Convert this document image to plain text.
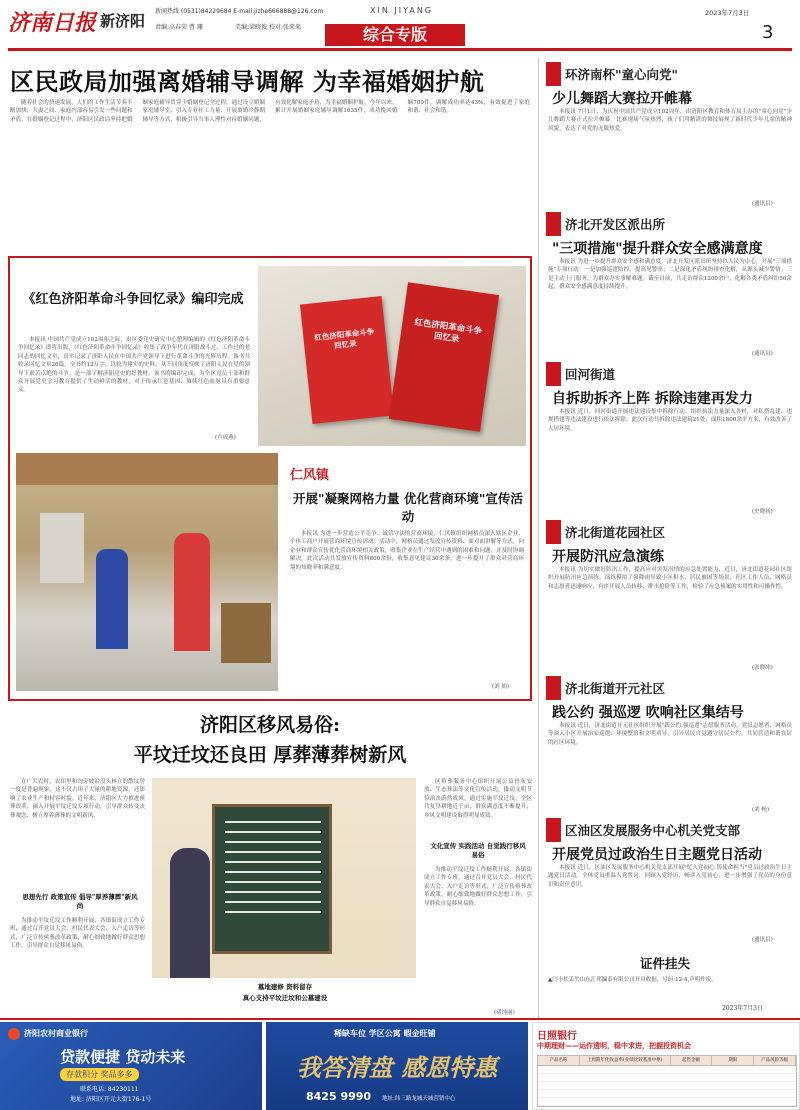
济南日报 新济阳
新闻热线 (0531)84229684 E-mail:jizhe666888@126.com
责编:高春荣 曹 珊	美编:梁晓俊 校对:张来来
XIN JIYANG	2023年7月3日
3
综合专版
区民政局加强离婚辅导调解 为幸福婚姻护航
随着社会的快速发展，人们的工作生活节奏不断加快，夫妻之间、家庭内部容易引发一些问题和矛盾。在婚姻登记过程中，济阳区民政局坚持把婚姻家庭辅导贯穿于婚姻登记全过程，通过设立婚姻家庭辅导室、引入专业社工力量、开展离婚冷静期辅导等方式，积极引导当事人理性对待婚姻问题，有效化解家庭矛盾，为幸福婚姻护航。今年以来，累计开展婚姻家庭辅导调解1635件，成功挽回婚姻709件，调解成功率达43%，有效促进了家庭和谐、社会和谐。
《红色济阳革命斗争回忆录》编印完成
本报讯 中国共产党成立102周年之际，由区委党史研究中心整理编辑的《红色济阳革命斗争回忆录》即将出版。《红色济阳革命斗争回忆录》收集了战争年代在济阳战斗过、工作过的老同志的回忆文章，真实记录了济阳人民在中国共产党领导下进行革命斗争的光辉历程。该书共收录回忆文章26篇，全书约12万字，以较为翔实的史料，从不同角度反映了济阳人民在党的领导下艰苦卓绝的斗争，是一部了解济阳党史的好教材。该书的编印完成，为全区党员干部和群众开展党史学习教育提供了生动鲜活的教材，对于传承红色基因、赓续红色血脉具有重要意义。
(卢成燕)
红色济阳革命斗争回忆录
红色济阳革命斗争回忆录
仁风镇
开展"凝聚网格力量 优化营商环境"宣传活动
本报讯 为进一步营造公平竞争、诚信守法的营商环境，仁风镇组织网格员深入辖区企业、个体工商户开展营商环境宣传活动。活动中，网格员通过发放宣传资料、面对面讲解等方式，向企业和群众宣传优化营商环境相关政策，收集企业在生产经营中遇到的困难和问题，并及时协调解决。此次活动共发放宣传资料800余份，收集意见建议30余条，进一步提升了群众对营商环境的知晓率和满意度。
(刘 娟)
济阳区移风易俗:
平坟迁坟还良田 厚葬薄葬树新风
在广大农村，农田里和沟旁坡沿没头林立的散坟曾一度是普遍现象，这不仅占用了大量的耕地资源，还影响了农业生产和村容村貌。近年来，济阳区大力推进殡葬改革，深入开展平坟迁坟专项行动，引导群众转变丧葬观念，树立厚养薄葬的文明新风。
思想先行 政策宣传 倡导"厚养薄葬"新风尚
为推动平坟迁坟工作顺利开展，各镇街成立工作专班，通过召开党员大会、村民代表大会、入户走访等形式，广泛宣传殡葬改革政策，耐心细致地做好群众思想工作，引导群众自觉移风易俗。
墓地建修 资料留存
真心支持平坟迁坟和公墓建设
区殡葬服务中心组织开展公益骨灰安放、生态葬法等文化宣传活动，推动文明节俭治丧蔚然成风。通过实施平坟迁坟，全区共复垦耕地近千亩，群众满意度不断提升，乡风文明建设取得明显成效。
文化宣传 实践活动 自觉践行移风易俗
为推动平坟迁坟工作顺利开展，各镇街成立工作专班，通过召开党员大会、村民代表大会、入户走访等形式，广泛宣传殡葬改革政策，耐心细致地做好群众思想工作，引导群众自觉移风易俗。
(褚纯丽)
环济南杯"童心向党"
少儿舞蹈大赛拉开帷幕
本报讯 7月1日，为庆祝中国共产党成立102周年，由济阳区教育和体育局主办的"童心向党"少儿舞蹈大赛正式拉开帷幕。比赛现场气氛热烈，孩子们用精湛的舞技展现了新时代少年儿童的精神风貌，表达了对党的无限热爱。
(通讯员)
济北开发区派出所
"三项措施"提升群众安全感满意度
本报讯 为进一步提升群众安全感和满意度，济北开发区派出所坚持以人民为中心，开展"三项措施"专项行动：一是加强巡逻防控，提高见警率；二是深化矛盾纠纷排查化解，从源头减少警情；三是主动上门服务，为群众办实事解难题。截至目前，共走访群众1200余户，化解各类矛盾纠纷50余起，群众安全感满意度持续提升。
(通讯员)
回河街道
自拆助拆齐上阵 拆除违建再发力
本报讯 近日，回河街道开展违法建设集中拆除行动，组织执法力量深入各村，对私搭乱建、违规搭建等违法建设进行依法拆除。此次行动共拆除违法建筑21处，面积1800余平方米，有效改善了人居环境。
(史晓扬)
济北街道花园社区
开展防汛应急演练
本报讯 为切实做好防汛工作，提高应对突发汛情的应急处置能力，近日，济北街道花园社区组织开展防汛应急演练。演练模拟了强降雨导致小区积水、居民被困等场景，社区工作人员、网格员和志愿者迅速响应，有序开展人员转移、排水抢险等工作，检验了应急预案的实用性和可操作性。
(张晓冰)
济北街道开元社区
践公约 强巡逻 吹响社区集结号
本报讯 近日，济北街道开元社区组织开展"践公约 强巡逻"志愿服务活动，党员志愿者、网格员等深入小区开展治安巡逻、环境整治和文明劝导，引导居民自觉遵守居民公约，共同营造和谐宜居的社区环境。
(刘 畅)
区油区发展服务中心机关党支部
开展党员过政治生日主题党日活动
本报讯 近日，区油区发展服务中心机关党支部开展"忆入党初心 铸使命担当"党员过政治生日主题党日活动。全体党员重温入党誓词，回顾入党经历，畅谈入党初心，进一步增强了党员的身份意识和责任意识。
(通讯员)
证件挂失
▲闫小松丢失山东汇邦瀛泰有限公司开具收据，号码:12-4,声明作废。
2023年7月3日
济阳农村商业银行
贷款便捷 贷动未来
存款积分 奖品多多
联系电话: 84230111
地址: 济阳区开元大街176-1号
稀缺车位 学区公寓 暇金旺铺
我答清盘 感恩特惠
8425 9990 地址:纬三路龙城天城营销中心
日照银行
中期理财——运作透明，稳中求进，把握投资机会
产品名称	上周期年化收益率(业绩比较基准中枢)	起售金额	期限	产品风险等级
